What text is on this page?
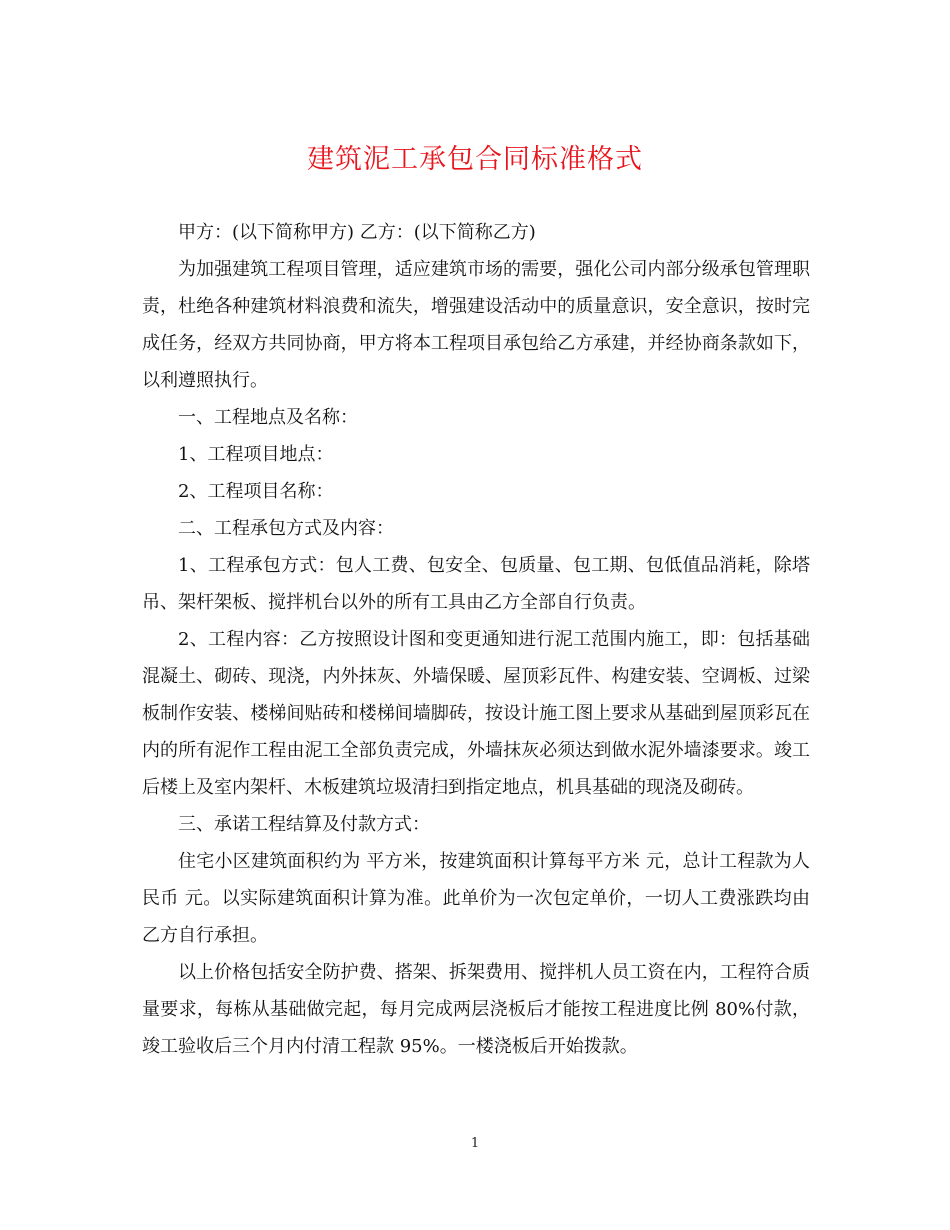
建筑泥工承包合同标准格式

甲方：(以下简称甲方) 乙方：(以下简称乙方)

为加强建筑工程项目管理，适应建筑市场的需要，强化公司内部分级承包管理职责，杜绝各种建筑材料浪费和流失，增强建设活动中的质量意识，安全意识，按时完成任务，经双方共同协商，甲方将本工程项目承包给乙方承建，并经协商条款如下，以利遵照执行。

一、工程地点及名称：

1、工程项目地点：

2、工程项目名称：

二、工程承包方式及内容：

1、工程承包方式：包人工费、包安全、包质量、包工期、包低值品消耗，除塔吊、架杆架板、搅拌机台以外的所有工具由乙方全部自行负责。

2、工程内容：乙方按照设计图和变更通知进行泥工范围内施工，即：包括基础混凝土、砌砖、现浇，内外抹灰、外墙保暖、屋顶彩瓦件、构建安装、空调板、过梁板制作安装、楼梯间贴砖和楼梯间墙脚砖，按设计施工图上要求从基础到屋顶彩瓦在内的所有泥作工程由泥工全部负责完成，外墙抹灰必须达到做水泥外墙漆要求。竣工后楼上及室内架杆、木板建筑垃圾清扫到指定地点，机具基础的现浇及砌砖。

三、承诺工程结算及付款方式：

住宅小区建筑面积约为 平方米，按建筑面积计算每平方米 元，总计工程款为人民币 元。以实际建筑面积计算为准。此单价为一次包定单价，一切人工费涨跌均由乙方自行承担。

以上价格包括安全防护费、搭架、拆架费用、搅拌机人员工资在内，工程符合质量要求，每栋从基础做完起，每月完成两层浇板后才能按工程进度比例 80%付款，竣工验收后三个月内付清工程款 95%。一楼浇板后开始拨款。

1
